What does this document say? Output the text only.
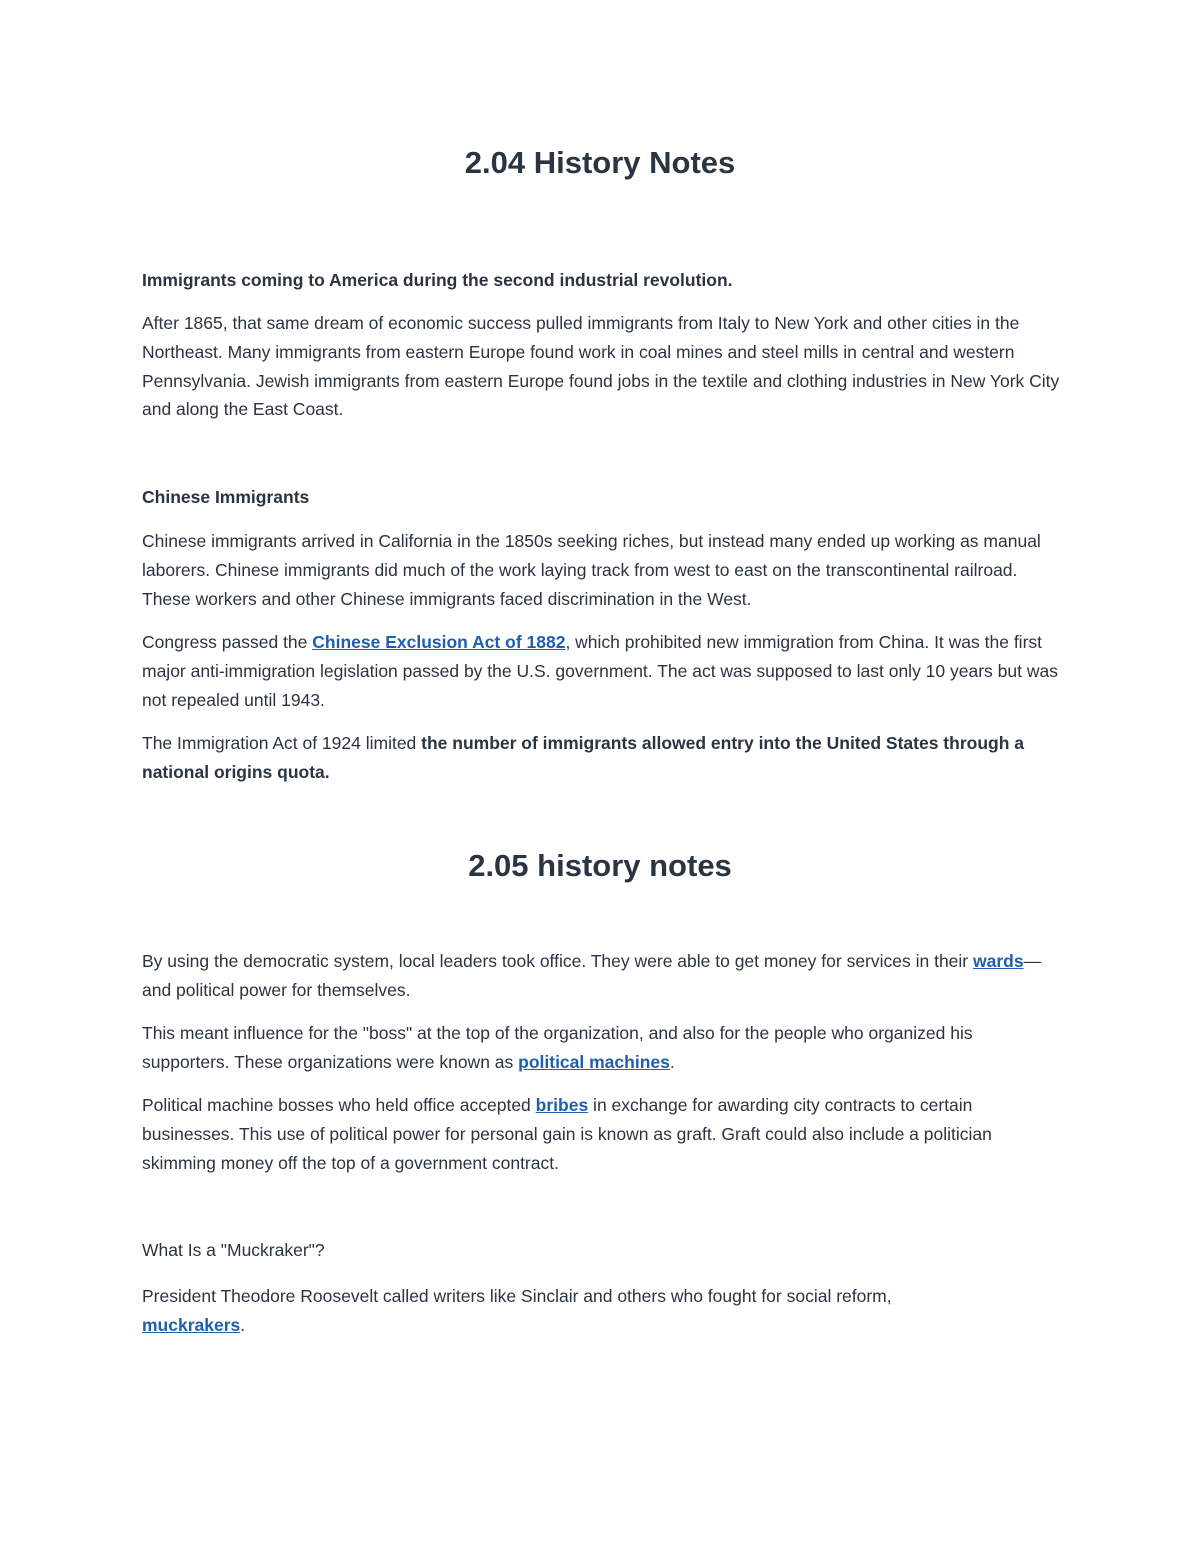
2.04 History Notes

Immigrants coming to America during the second industrial revolution.

After 1865, that same dream of economic success pulled immigrants from Italy to New York and other cities in the Northeast. Many immigrants from eastern Europe found work in coal mines and steel mills in central and western Pennsylvania. Jewish immigrants from eastern Europe found jobs in the textile and clothing industries in New York City and along the East Coast.

Chinese Immigrants

Chinese immigrants arrived in California in the 1850s seeking riches, but instead many ended up working as manual laborers. Chinese immigrants did much of the work laying track from west to east on the transcontinental railroad. These workers and other Chinese immigrants faced discrimination in the West.

Congress passed the Chinese Exclusion Act of 1882, which prohibited new immigration from China. It was the first major anti-immigration legislation passed by the U.S. government. The act was supposed to last only 10 years but was not repealed until 1943.

The Immigration Act of 1924 limited the number of immigrants allowed entry into the United States through a national origins quota.

2.05 history notes

By using the democratic system, local leaders took office. They were able to get money for services in their wards—and political power for themselves.

This meant influence for the "boss" at the top of the organization, and also for the people who organized his supporters. These organizations were known as political machines.

Political machine bosses who held office accepted bribes in exchange for awarding city contracts to certain businesses. This use of political power for personal gain is known as graft. Graft could also include a politician skimming money off the top of a government contract.

What Is a "Muckraker"?

President Theodore Roosevelt called writers like Sinclair and others who fought for social reform, muckrakers.
